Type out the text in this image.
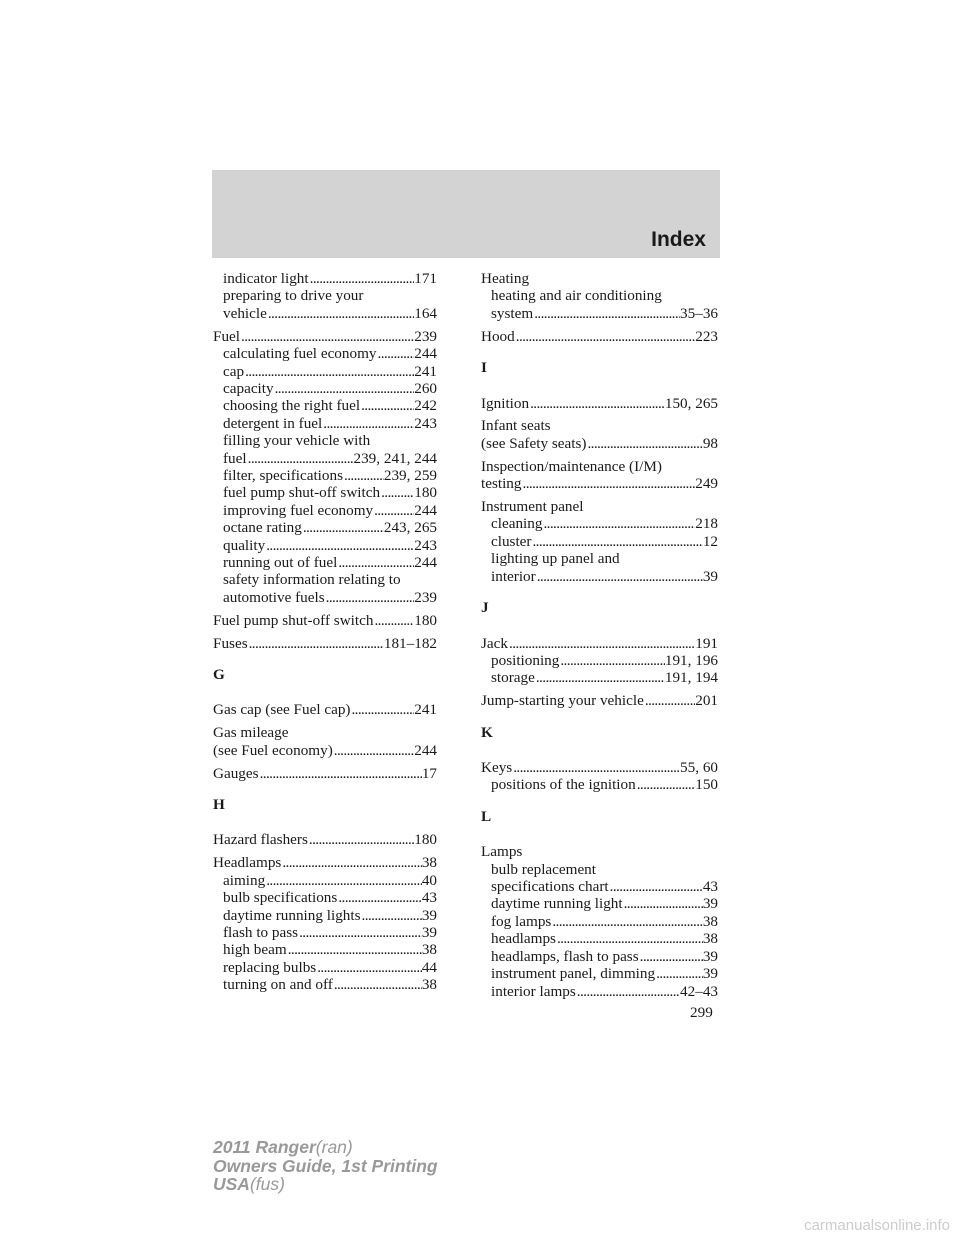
Index
indicator light .....	171
preparing to drive your
vehicle .....	164
Fuel .....	239
calculating fuel economy ..... 244
cap .....	241
capacity .....	260
choosing the right fuel .....	242
detergent in fuel .....	243
filling your vehicle with
fuel .....	239, 241, 244
filter, specifications .....	239, 259
fuel pump shut-off switch ..... 180
improving fuel economy .....	244
octane rating .....	243, 265
quality .....	243
running out of fuel .....	244
safety information relating to
automotive fuels .....	239
Fuel pump shut-off switch .....	180
Fuses .....	181–182
G
Gas cap (see Fuel cap) .....	241
Gas mileage
(see Fuel economy) .....	244
Gauges .....	17
H
Hazard flashers .....	180
Headlamps .....	38
aiming .....	40
bulb specifications .....	43
daytime running lights .....	39
flash to pass .....	39
high beam .....	38
replacing bulbs .....	44
turning on and off .....	38
Heating
heating and air conditioning
system .....	35–36
Hood .....	223
I
Ignition .....	150, 265
Infant seats
(see Safety seats) .....	98
Inspection/maintenance (I/M)
testing .....	249
Instrument panel
cleaning .....	218
cluster .....	12
lighting up panel and
interior .....	39
J
Jack .....	191
positioning .....	191, 196
storage .....	191, 194
Jump-starting your vehicle .....	201
K
Keys .....	55, 60
positions of the ignition .....	150
L
Lamps
bulb replacement
specifications chart .....	43
daytime running light .....	39
fog lamps .....	38
headlamps .....	38
headlamps, flash to pass .....	39
instrument panel, dimming .....	39
interior lamps .....	42–43
299
2011 Ranger(ran)
Owners Guide, 1st Printing
USA(fus)
carmanualsonline.info
